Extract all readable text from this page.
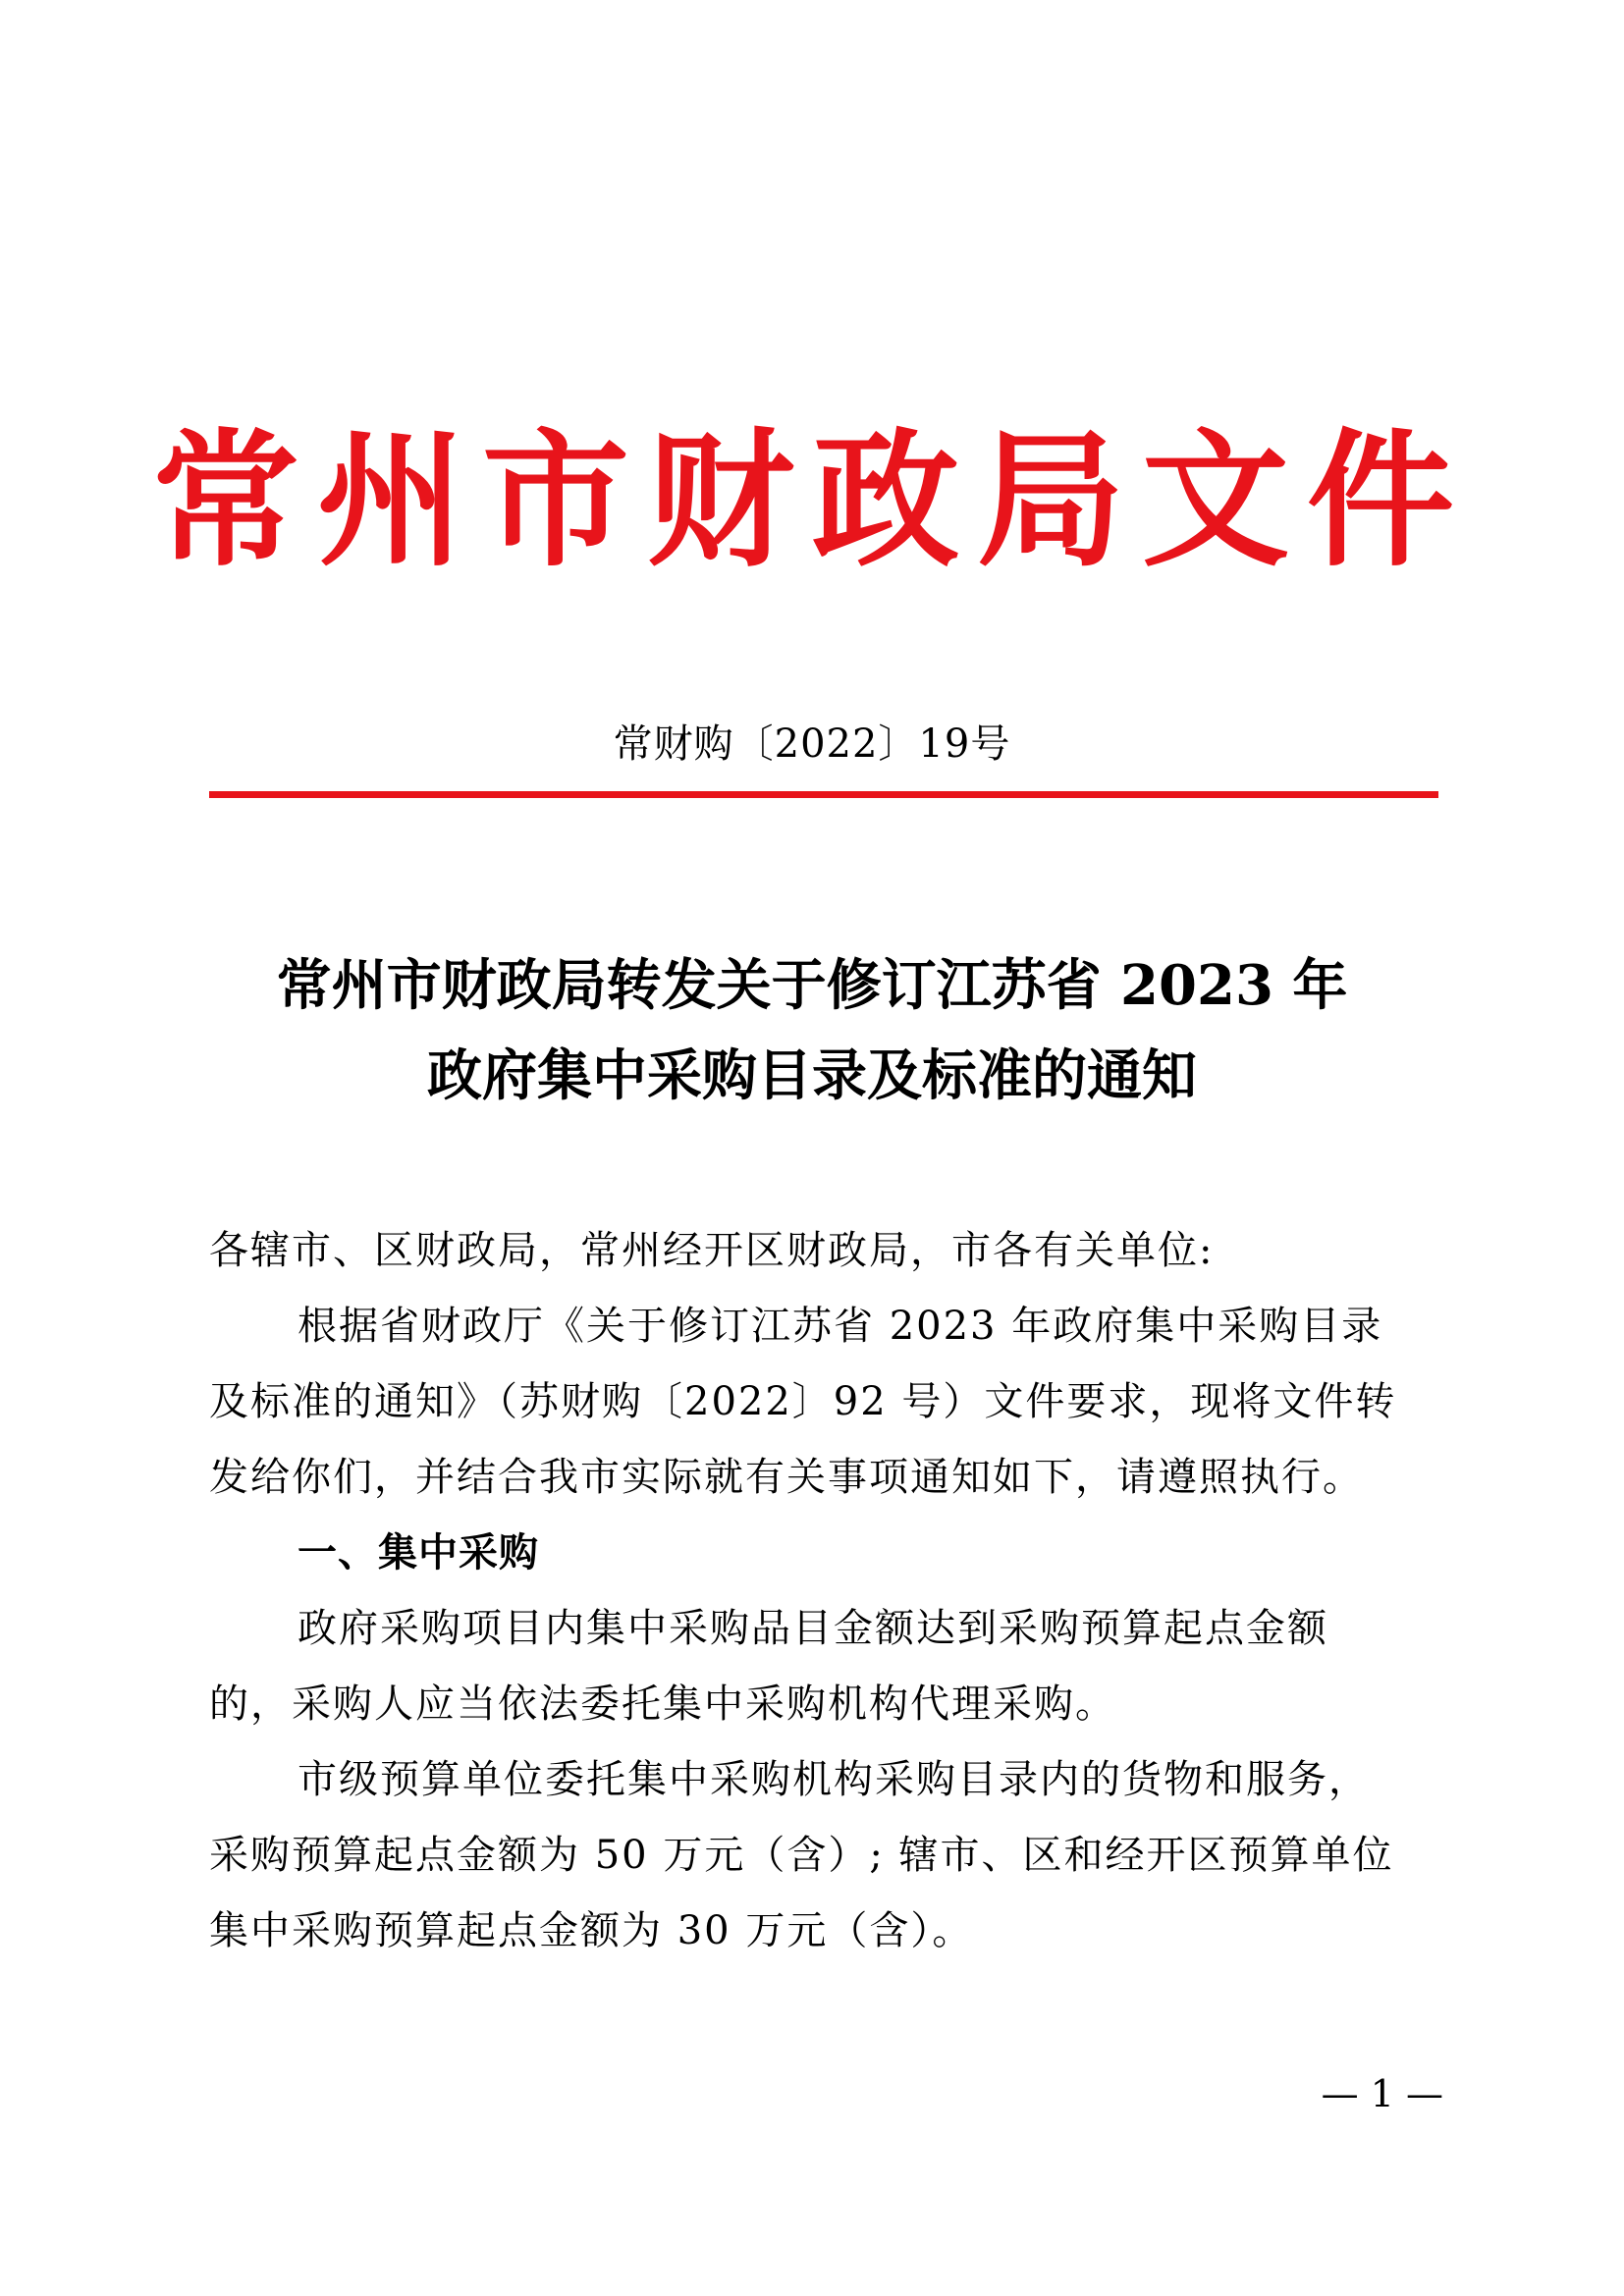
常州市财政局文件
常财购〔2022〕19号
常州市财政局转发关于修订江苏省 2023 年
政府集中采购目录及标准的通知
各辖市、区财政局，常州经开区财政局，市各有关单位:
根据省财政厅《关于修订江苏省 2023 年政府集中采购目录
及标准的通知》（苏财购〔2022〕92 号）文件要求，现将文件转
发给你们，并结合我市实际就有关事项通知如下，请遵照执行。
一、集中采购
政府采购项目内集中采购品目金额达到采购预算起点金额
的，采购人应当依法委托集中采购机构代理采购。
市级预算单位委托集中采购机构采购目录内的货物和服务，
采购预算起点金额为 50 万元（含）; 辖市、区和经开区预算单位
集中采购预算起点金额为 30 万元（含）。
— 1 —
